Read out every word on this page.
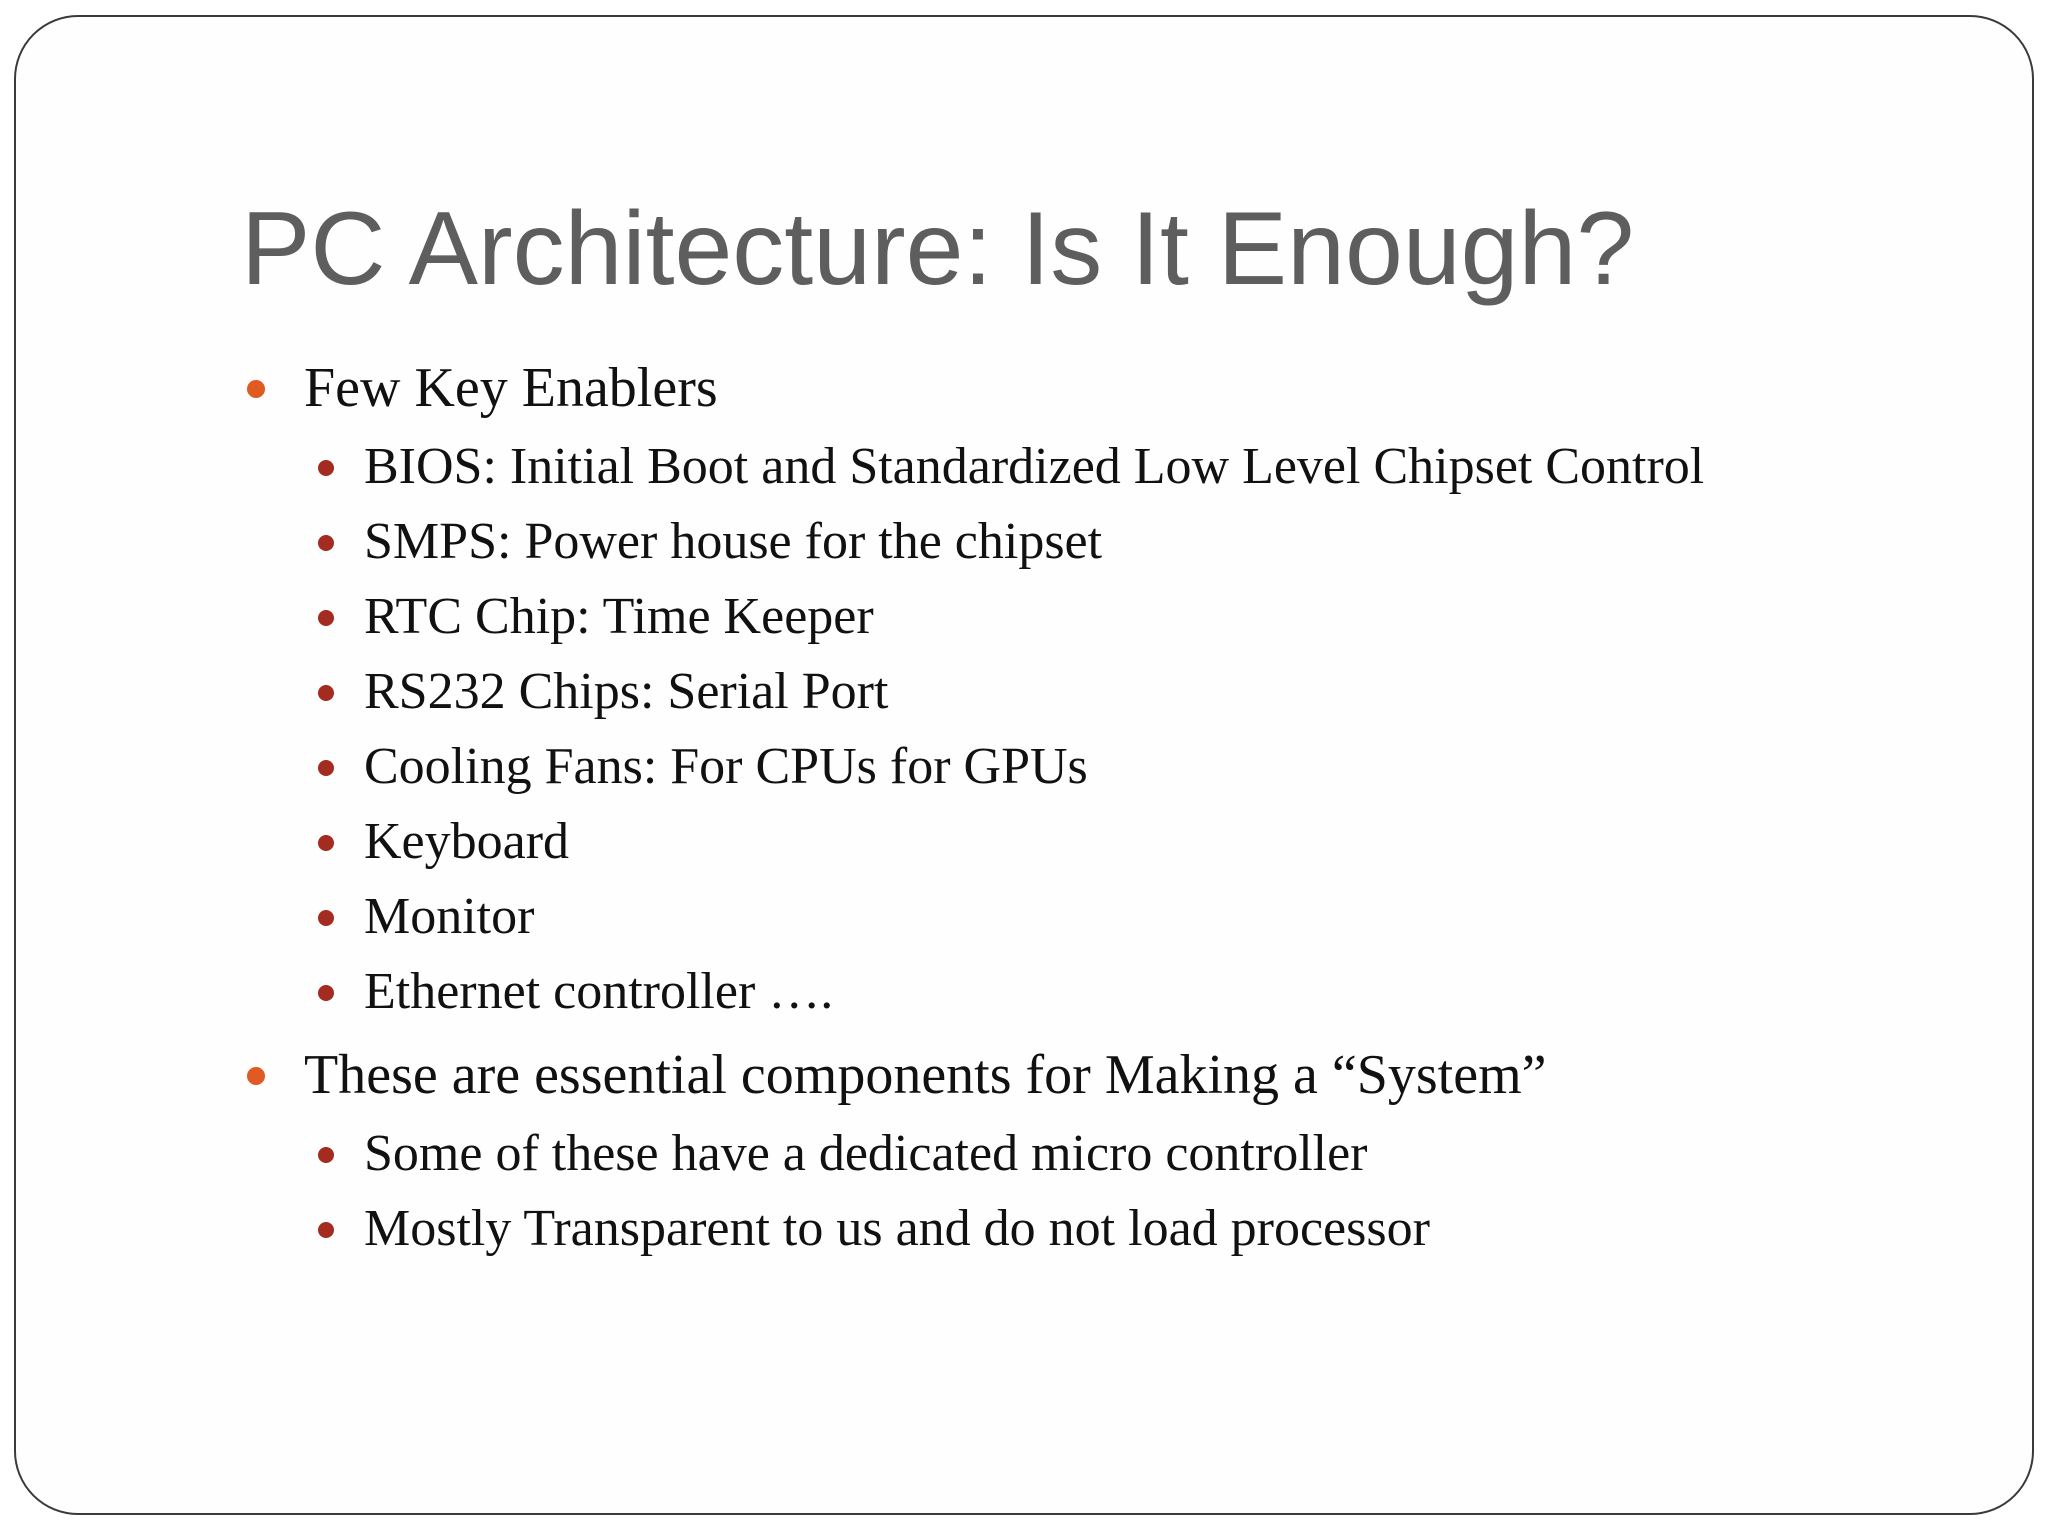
PC Architecture: Is It Enough?
Few Key Enablers
BIOS: Initial Boot and Standardized Low Level Chipset Control
SMPS: Power house for the chipset
RTC Chip: Time Keeper
RS232 Chips: Serial Port
Cooling Fans: For CPUs for GPUs
Keyboard
Monitor
Ethernet controller ….
These are essential components for Making a “System”
Some of these have a dedicated micro controller
Mostly Transparent to us and do not load processor
